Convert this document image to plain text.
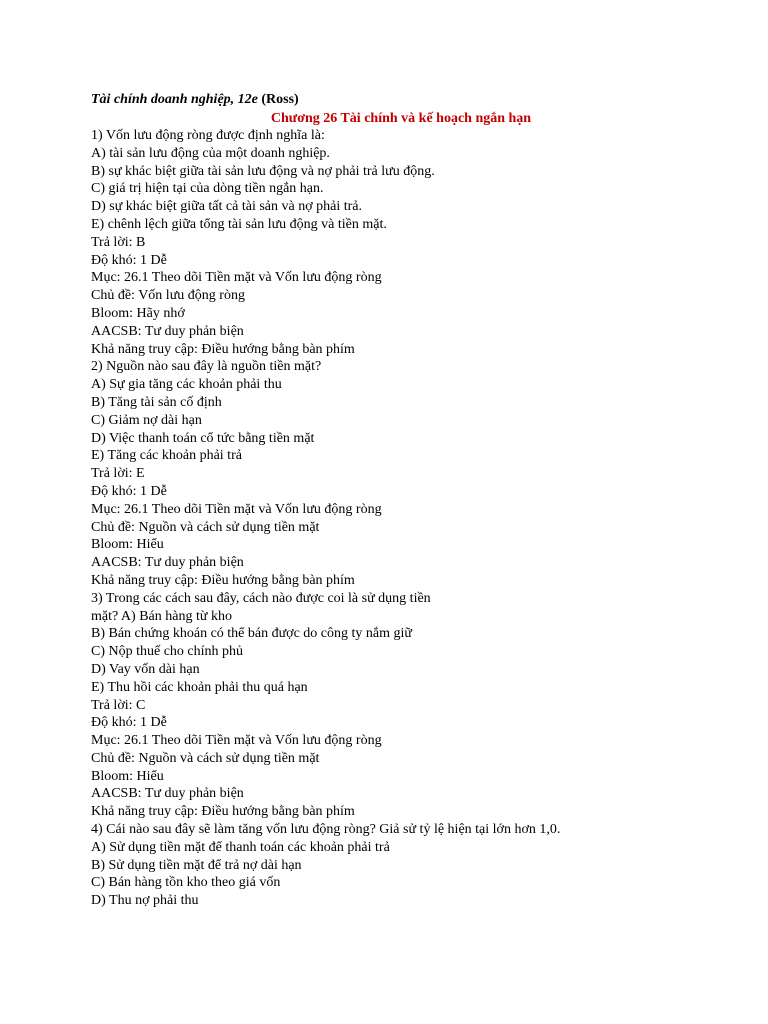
Tài chính doanh nghiệp, 12e (Ross)
Chương 26 Tài chính và kế hoạch ngắn hạn
1) Vốn lưu động ròng được định nghĩa là:
A) tài sản lưu động của một doanh nghiệp.
B) sự khác biệt giữa tài sản lưu động và nợ phải trả lưu động.
C) giá trị hiện tại của dòng tiền ngắn hạn.
D) sự khác biệt giữa tất cả tài sản và nợ phải trả.
E) chênh lệch giữa tổng tài sản lưu động và tiền mặt.
Trả lời: B
Độ khó: 1 Dễ
Mục: 26.1 Theo dõi Tiền mặt và Vốn lưu động ròng
Chủ đề: Vốn lưu động ròng
Bloom: Hãy nhớ
AACSB: Tư duy phản biện
Khả năng truy cập: Điều hướng bằng bàn phím
2) Nguồn nào sau đây là nguồn tiền mặt?
A) Sự gia tăng các khoản phải thu
B) Tăng tài sản cố định
C) Giảm nợ dài hạn
D) Việc thanh toán cổ tức bằng tiền mặt
E) Tăng các khoản phải trả
Trả lời: E
Độ khó: 1 Dễ
Mục: 26.1 Theo dõi Tiền mặt và Vốn lưu động ròng
Chủ đề: Nguồn và cách sử dụng tiền mặt
Bloom: Hiểu
AACSB: Tư duy phản biện
Khả năng truy cập: Điều hướng bằng bàn phím
3) Trong các cách sau đây, cách nào được coi là sử dụng tiền
mặt? A) Bán hàng từ kho
B) Bán chứng khoán có thể bán được do công ty nắm giữ
C) Nộp thuế cho chính phủ
D) Vay vốn dài hạn
E) Thu hồi các khoản phải thu quá hạn
Trả lời: C
Độ khó: 1 Dễ
Mục: 26.1 Theo dõi Tiền mặt và Vốn lưu động ròng
Chủ đề: Nguồn và cách sử dụng tiền mặt
Bloom: Hiểu
AACSB: Tư duy phản biện
Khả năng truy cập: Điều hướng bằng bàn phím
4) Cái nào sau đây sẽ làm tăng vốn lưu động ròng? Giả sử tỷ lệ hiện tại lớn hơn 1,0.
A) Sử dụng tiền mặt để thanh toán các khoản phải trả
B) Sử dụng tiền mặt để trả nợ dài hạn
C) Bán hàng tồn kho theo giá vốn
D) Thu nợ phải thu
